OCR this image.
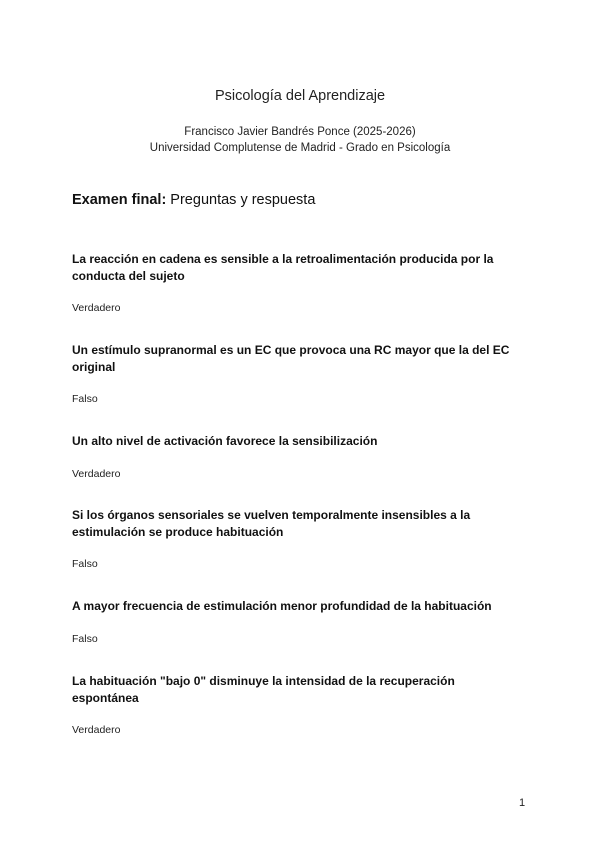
Psicología del Aprendizaje
Francisco Javier Bandrés Ponce (2025-2026)
Universidad Complutense de Madrid - Grado en Psicología
Examen final: Preguntas y respuesta

La reacción en cadena es sensible a la retroalimentación producida por la conducta del sujeto

Verdadero

Un estímulo supranormal es un EC que provoca una RC mayor que la del EC original

Falso

Un alto nivel de activación favorece la sensibilización

Verdadero

Si los órganos sensoriales se vuelven temporalmente insensibles a la estimulación se produce habituación

Falso

A mayor frecuencia de estimulación menor profundidad de la habituación

Falso

La habituación "bajo 0" disminuye la intensidad de la recuperación espontánea

Verdadero
1
